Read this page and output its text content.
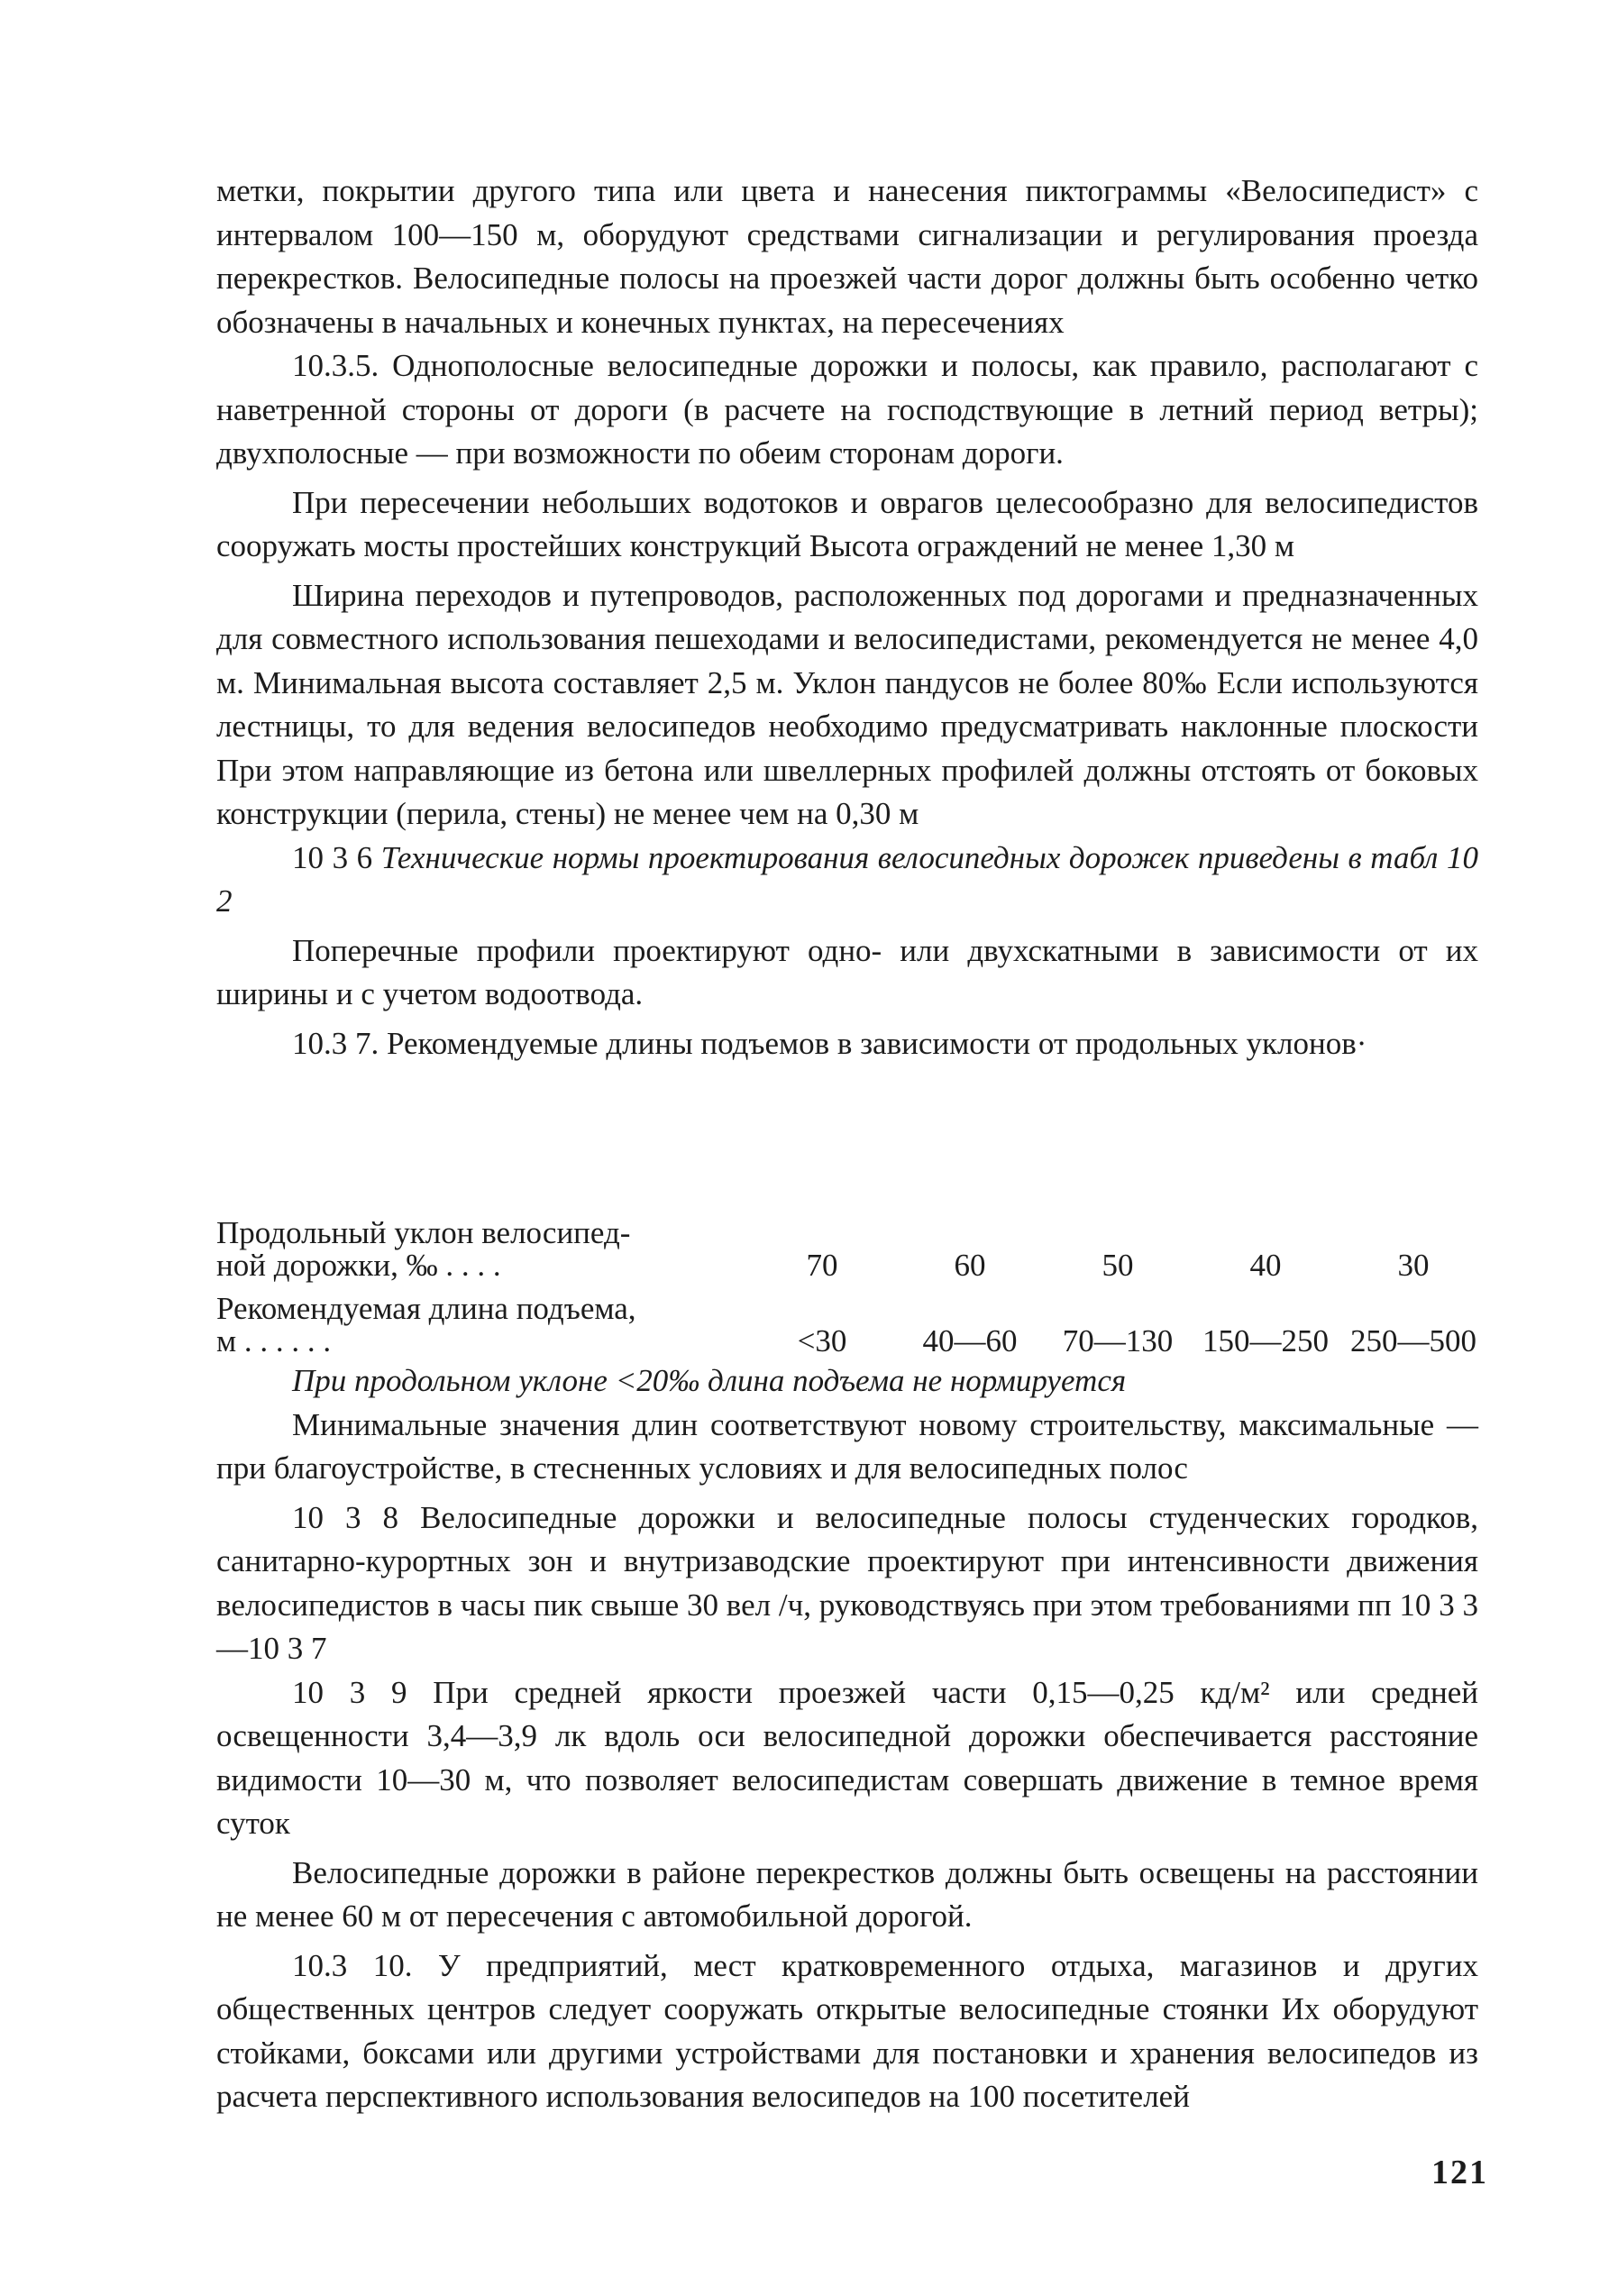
метки, покрытии другого типа или цвета и нанесения пиктограммы «Велосипедист» с интервалом 100—150 м, оборудуют средствами сигнализации и регулирования проезда перекрестков. Велосипедные полосы на проезжей части дорог должны быть особенно четко обозначены в начальных и конечных пунктах, на пересечениях

10.3.5. Однополосные велосипедные дорожки и полосы, как правило, располагают с наветренной стороны от дороги (в расчете на господствующие в летний период ветры); двухполосные — при возможности по обеим сторонам дороги.

При пересечении небольших водотоков и оврагов целесообразно для велосипедистов сооружать мосты простейших конструкций Высота ограждений не менее 1,30 м

Ширина переходов и путепроводов, расположенных под дорогами и предназначенных для совместного использования пешеходами и велосипедистами, рекомендуется не менее 4,0 м. Минимальная высота составляет 2,5 м. Уклон пандусов не более 80‰ Если используются лестницы, то для ведения велосипедов необходимо предусматривать наклонные плоскости При этом направляющие из бетона или швеллерных профилей должны отстоять от боковых конструкции (перила, стены) не менее чем на 0,30 м

10 3 6 Технические нормы проектирования велосипедных дорожек приведены в табл 10 2

Поперечные профили проектируют одно- или двухскатными в зависимости от их ширины и с учетом водоотвода.

10.3 7. Рекомендуемые длины подъемов в зависимости от продольных уклонов·

Продольный уклон велосипед-
ной дорожки, ‰ . . . .	70	60	50	40	30

Рекомендуемая длина подъема,
м . . . . . .	<30	40—60	70—130	150—250	250—500

При продольном уклоне <20‰ длина подъема не нормируется

Минимальные значения длин соответствуют новому строительству, максимальные — при благоустройстве, в стесненных условиях и для велосипедных полос

10 3 8 Велосипедные дорожки и велосипедные полосы студенческих городков, санитарно-курортных зон и внутризаводские проектируют при интенсивности движения велосипедистов в часы пик свыше 30 вел /ч, руководствуясь при этом требованиями пп 10 3 3—10 3 7

10 3 9 При средней яркости проезжей части 0,15—0,25 кд/м² или средней освещенности 3,4—3,9 лк вдоль оси велосипедной дорожки обеспечивается расстояние видимости 10—30 м, что позволяет велосипедистам совершать движение в темное время суток

Велосипедные дорожки в районе перекрестков должны быть освещены на расстоянии не менее 60 м от пересечения с автомобильной дорогой.

10.3 10. У предприятий, мест кратковременного отдыха, магазинов и других общественных центров следует сооружать открытые велосипедные стоянки Их оборудуют стойками, боксами или другими устройствами для постановки и хранения велосипедов из расчета перспективного использования велосипедов на 100 посетителей

121
